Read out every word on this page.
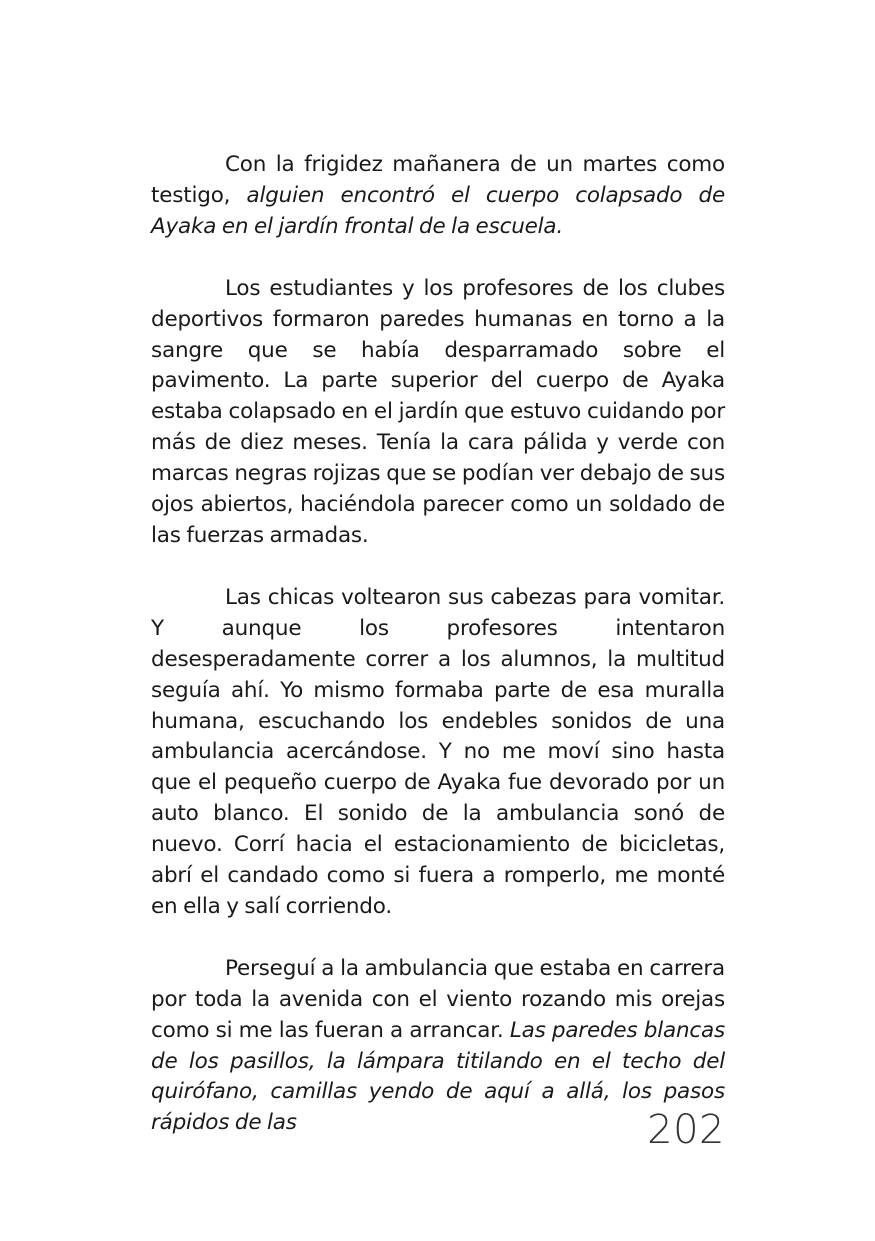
Con la frigidez mañanera de un martes como testigo, alguien encontró el cuerpo colapsado de Ayaka en el jardín frontal de la escuela.

Los estudiantes y los profesores de los clubes deportivos formaron paredes humanas en torno a la sangre que se había desparramado sobre el pavimento. La parte superior del cuerpo de Ayaka estaba colapsado en el jardín que estuvo cuidando por más de diez meses. Tenía la cara pálida y verde con marcas negras rojizas que se podían ver debajo de sus ojos abiertos, haciéndola parecer como un soldado de las fuerzas armadas.

Las chicas voltearon sus cabezas para vomitar. Y aunque los profesores intentaron desesperadamente correr a los alumnos, la multitud seguía ahí. Yo mismo formaba parte de esa muralla humana, escuchando los endebles sonidos de una ambulancia acercándose. Y no me moví sino hasta que el pequeño cuerpo de Ayaka fue devorado por un auto blanco. El sonido de la ambulancia sonó de nuevo. Corrí hacia el estacionamiento de bicicletas, abrí el candado como si fuera a romperlo, me monté en ella y salí corriendo.

Perseguí a la ambulancia que estaba en carrera por toda la avenida con el viento rozando mis orejas como si me las fueran a arrancar. Las paredes blancas de los pasillos, la lámpara titilando en el techo del quirófano, camillas yendo de aquí a allá, los pasos rápidos de las	202
